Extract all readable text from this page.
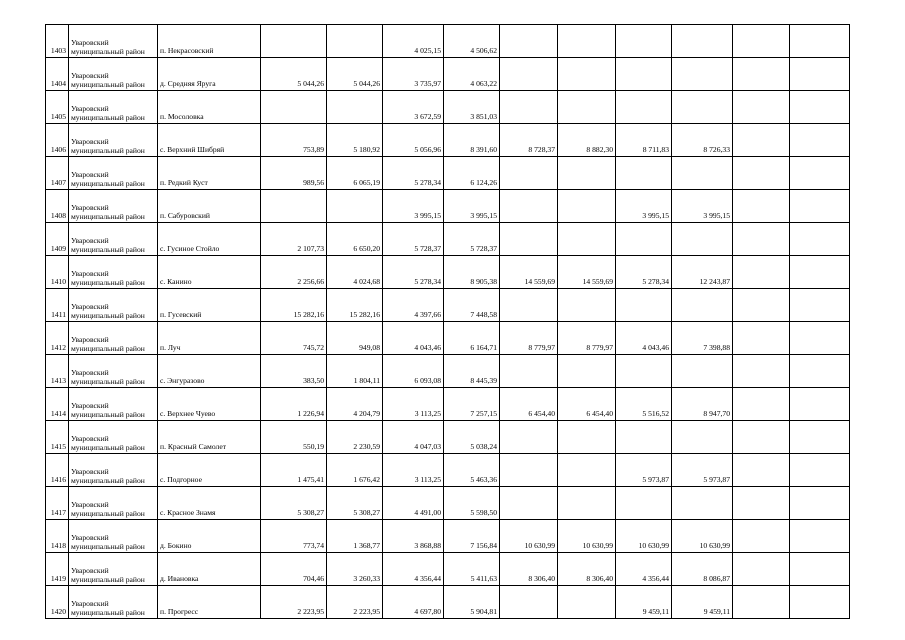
1403	Уваровский муниципальный район	п. Некрасовский			4 025,15	4 506,62						
1404	Уваровский муниципальный район	д. Средняя Яруга	5 044,26	5 044,26	3 735,97	4 063,22						
1405	Уваровский муниципальный район	п. Мосоловка			3 672,59	3 851,03						
1406	Уваровский муниципальный район	с. Верхний Шибряй	753,89	5 180,92	5 056,96	8 391,60	8 728,37	8 882,30	8 711,83	8 726,33		
1407	Уваровский муниципальный район	п. Редкий Куст	989,56	6 065,19	5 278,34	6 124,26						
1408	Уваровский муниципальный район	п. Сабуровский			3 995,15	3 995,15			3 995,15	3 995,15		
1409	Уваровский муниципальный район	с. Гусиное Стойло	2 107,73	6 650,20	5 728,37	5 728,37						
1410	Уваровский муниципальный район	с. Канино	2 256,66	4 024,68	5 278,34	8 905,38	14 559,69	14 559,69	5 278,34	12 243,87		
1411	Уваровский муниципальный район	п. Гусевский	15 282,16	15 282,16	4 397,66	7 448,58						
1412	Уваровский муниципальный район	п. Луч	745,72	949,08	4 043,46	6 164,71	8 779,97	8 779,97	4 043,46	7 398,88		
1413	Уваровский муниципальный район	с. Энгуразово	383,50	1 804,11	6 093,08	8 445,39						
1414	Уваровский муниципальный район	с. Верхнее Чуево	1 226,94	4 204,79	3 113,25	7 257,15	6 454,40	6 454,40	5 516,52	8 947,70		
1415	Уваровский муниципальный район	п. Красный Самолет	550,19	2 230,59	4 047,03	5 038,24						
1416	Уваровский муниципальный район	с. Подгорное	1 475,41	1 676,42	3 113,25	5 463,36			5 973,87	5 973,87		
1417	Уваровский муниципальный район	с. Красное Знамя	5 308,27	5 308,27	4 491,00	5 598,50						
1418	Уваровский муниципальный район	д. Бокино	773,74	1 368,77	3 868,88	7 156,84	10 630,99	10 630,99	10 630,99	10 630,99		
1419	Уваровский муниципальный район	д. Ивановка	704,46	3 260,33	4 356,44	5 411,63	8 306,40	8 306,40	4 356,44	8 086,87		
1420	Уваровский муниципальный район	п. Прогресс	2 223,95	2 223,95	4 697,80	5 904,81			9 459,11	9 459,11		
